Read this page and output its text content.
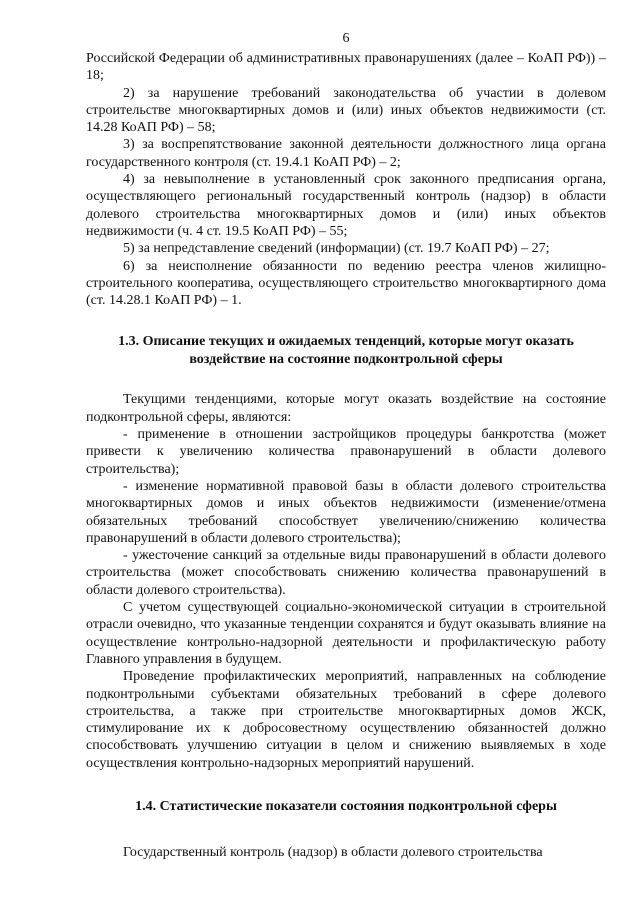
6

Российской Федерации об административных правонарушениях (далее – КоАП РФ)) – 18;

2) за нарушение требований законодательства об участии в долевом строительстве многоквартирных домов и (или) иных объектов недвижимости (ст. 14.28 КоАП РФ) – 58;

3) за воспрепятствование законной деятельности должностного лица органа государственного контроля (ст. 19.4.1 КоАП РФ) – 2;

4) за невыполнение в установленный срок законного предписания органа, осуществляющего региональный государственный контроль (надзор) в области долевого строительства многоквартирных домов и (или) иных объектов недвижимости (ч. 4 ст. 19.5 КоАП РФ) – 55;

5) за непредставление сведений (информации) (ст. 19.7 КоАП РФ) – 27;

6) за неисполнение обязанности по ведению реестра членов жилищно-строительного кооператива, осуществляющего строительство многоквартирного дома (ст. 14.28.1 КоАП РФ) – 1.

1.3. Описание текущих и ожидаемых тенденций, которые могут оказать воздействие на состояние подконтрольной сферы

Текущими тенденциями, которые могут оказать воздействие на состояние подконтрольной сферы, являются:

- применение в отношении застройщиков процедуры банкротства (может привести к увеличению количества правонарушений в области долевого строительства);

- изменение нормативной правовой базы в области долевого строительства многоквартирных домов и иных объектов недвижимости (изменение/отмена обязательных требований способствует увеличению/снижению количества правонарушений в области долевого строительства);

- ужесточение санкций за отдельные виды правонарушений в области долевого строительства (может способствовать снижению количества правонарушений в области долевого строительства).

С учетом существующей социально-экономической ситуации в строительной отрасли очевидно, что указанные тенденции сохранятся и будут оказывать влияние на осуществление контрольно-надзорной деятельности и профилактическую работу Главного управления в будущем.

Проведение профилактических мероприятий, направленных на соблюдение подконтрольными субъектами обязательных требований в сфере долевого строительства, а также при строительстве многоквартирных домов ЖСК, стимулирование их к добросовестному осуществлению обязанностей должно способствовать улучшению ситуации в целом и снижению выявляемых в ходе осуществления контрольно-надзорных мероприятий нарушений.

1.4. Статистические показатели состояния подконтрольной сферы

Государственный контроль (надзор) в области долевого строительства
